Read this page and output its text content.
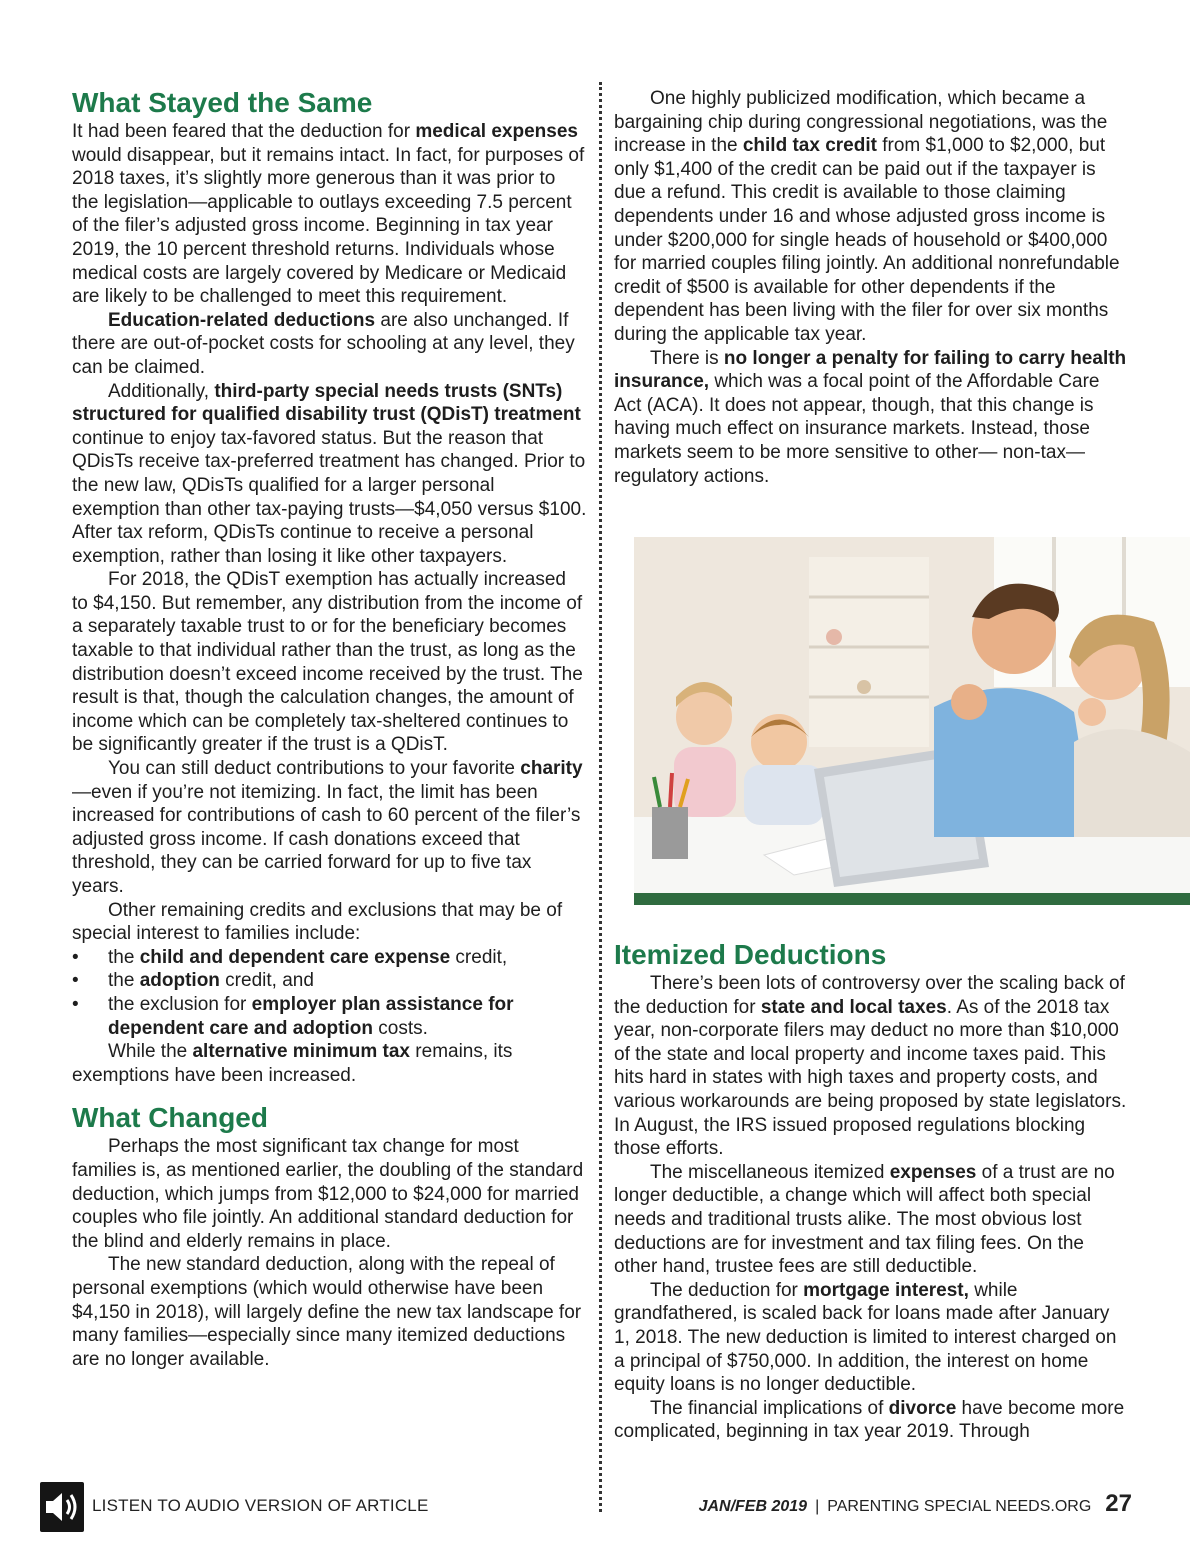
What Stayed the Same

It had been feared that the deduction for medical expenses would disappear, but it remains intact. In fact, for purposes of 2018 taxes, it’s slightly more generous than it was prior to the legislation—applicable to outlays exceeding 7.5 percent of the filer’s adjusted gross income. Beginning in tax year 2019, the 10 percent threshold returns. Individuals whose medical costs are largely covered by Medicare or Medicaid are likely to be challenged to meet this requirement.

Education-related deductions are also unchanged. If there are out-of-pocket costs for schooling at any level, they can be claimed.

Additionally, third-party special needs trusts (SNTs) structured for qualified disability trust (QDisT) treatment continue to enjoy tax-favored status. But the reason that QDisTs receive tax-preferred treatment has changed. Prior to the new law, QDisTs qualified for a larger personal exemption than other tax-paying trusts—$4,050 versus $100. After tax reform, QDisTs continue to receive a personal exemption, rather than losing it like other taxpayers.

For 2018, the QDisT exemption has actually increased to $4,150. But remember, any distribution from the income of a separately taxable trust to or for the beneficiary becomes taxable to that individual rather than the trust, as long as the distribution doesn’t exceed income received by the trust. The result is that, though the calculation changes, the amount of income which can be completely tax-sheltered continues to be significantly greater if the trust is a QDisT.

You can still deduct contributions to your favorite charity—even if you’re not itemizing. In fact, the limit has been increased for contributions of cash to 60 percent of the filer’s adjusted gross income. If cash donations exceed that threshold, they can be carried forward for up to five tax years.

Other remaining credits and exclusions that may be of special interest to families include:

• the child and dependent care expense credit,
• the adoption credit, and
• the exclusion for employer plan assistance for dependent care and adoption costs.

While the alternative minimum tax remains, its exemptions have been increased.

What Changed

Perhaps the most significant tax change for most families is, as mentioned earlier, the doubling of the standard deduction, which jumps from $12,000 to $24,000 for married couples who file jointly. An additional standard deduction for the blind and elderly remains in place.

The new standard deduction, along with the repeal of personal exemptions (which would otherwise have been $4,150 in 2018), will largely define the new tax landscape for many families—especially since many itemized deductions are no longer available.

One highly publicized modification, which became a bargaining chip during congressional negotiations, was the increase in the child tax credit from $1,000 to $2,000, but only $1,400 of the credit can be paid out if the taxpayer is due a refund. This credit is available to those claiming dependents under 16 and whose adjusted gross income is under $200,000 for single heads of household or $400,000 for married couples filing jointly. An additional nonrefundable credit of $500 is available for other dependents if the dependent has been living with the filer for over six months during the applicable tax year.

There is no longer a penalty for failing to carry health insurance, which was a focal point of the Affordable Care Act (ACA). It does not appear, though, that this change is having much effect on insurance markets. Instead, those markets seem to be more sensitive to other— non-tax— regulatory actions.

Itemized Deductions

There’s been lots of controversy over the scaling back of the deduction for state and local taxes. As of the 2018 tax year, non-corporate filers may deduct no more than $10,000 of the state and local property and income taxes paid. This hits hard in states with high taxes and property costs, and various workarounds are being proposed by state legislators. In August, the IRS issued proposed regulations blocking those efforts.

The miscellaneous itemized expenses of a trust are no longer deductible, a change which will affect both special needs and traditional trusts alike. The most obvious lost deductions are for investment and tax filing fees. On the other hand, trustee fees are still deductible.

The deduction for mortgage interest, while grandfathered, is scaled back for loans made after January 1, 2018. The new deduction is limited to interest charged on a principal of $750,000. In addition, the interest on home equity loans is no longer deductible.

The financial implications of divorce have become more complicated, beginning in tax year 2019. Through

LISTEN TO AUDIO VERSION OF ARTICLE	JAN/FEB 2019 | PARENTING SPECIAL NEEDS.ORG 27
